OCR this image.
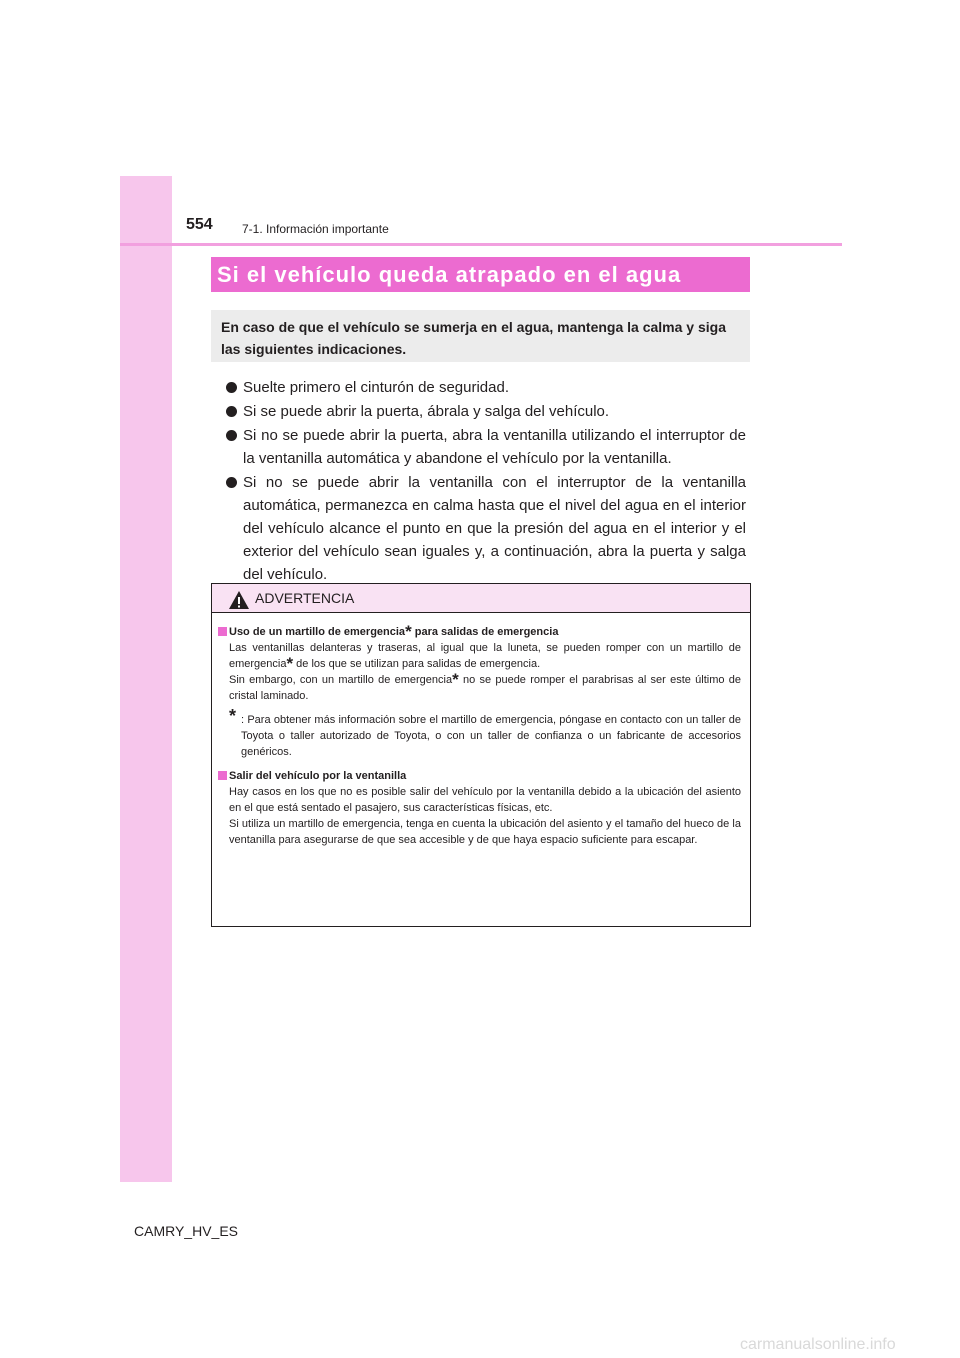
554 7-1. Información importante
Si el vehículo queda atrapado en el agua
En caso de que el vehículo se sumerja en el agua, mantenga la calma y siga las siguientes indicaciones.
Suelte primero el cinturón de seguridad.
Si se puede abrir la puerta, ábrala y salga del vehículo.
Si no se puede abrir la puerta, abra la ventanilla utilizando el interruptor de la ventanilla automática y abandone el vehículo por la ventanilla.
Si no se puede abrir la ventanilla con el interruptor de la ventanilla automática, permanezca en calma hasta que el nivel del agua en el interior del vehículo alcance el punto en que la presión del agua en el interior y el exterior del vehículo sean iguales y, a continuación, abra la puerta y salga del vehículo.
ADVERTENCIA
Uso de un martillo de emergencia* para salidas de emergencia
Las ventanillas delanteras y traseras, al igual que la luneta, se pueden romper con un martillo de emergencia* de los que se utilizan para salidas de emergencia.
Sin embargo, con un martillo de emergencia* no se puede romper el parabrisas al ser este último de cristal laminado.
* : Para obtener más información sobre el martillo de emergencia, póngase en contacto con un taller de Toyota o taller autorizado de Toyota, o con un taller de confianza o un fabricante de accesorios genéricos.
Salir del vehículo por la ventanilla
Hay casos en los que no es posible salir del vehículo por la ventanilla debido a la ubicación del asiento en el que está sentado el pasajero, sus características físicas, etc.
Si utiliza un martillo de emergencia, tenga en cuenta la ubicación del asiento y el tamaño del hueco de la ventanilla para asegurarse de que sea accesible y de que haya espacio suficiente para escapar.
CAMRY_HV_ES
carmanualsonline.info
